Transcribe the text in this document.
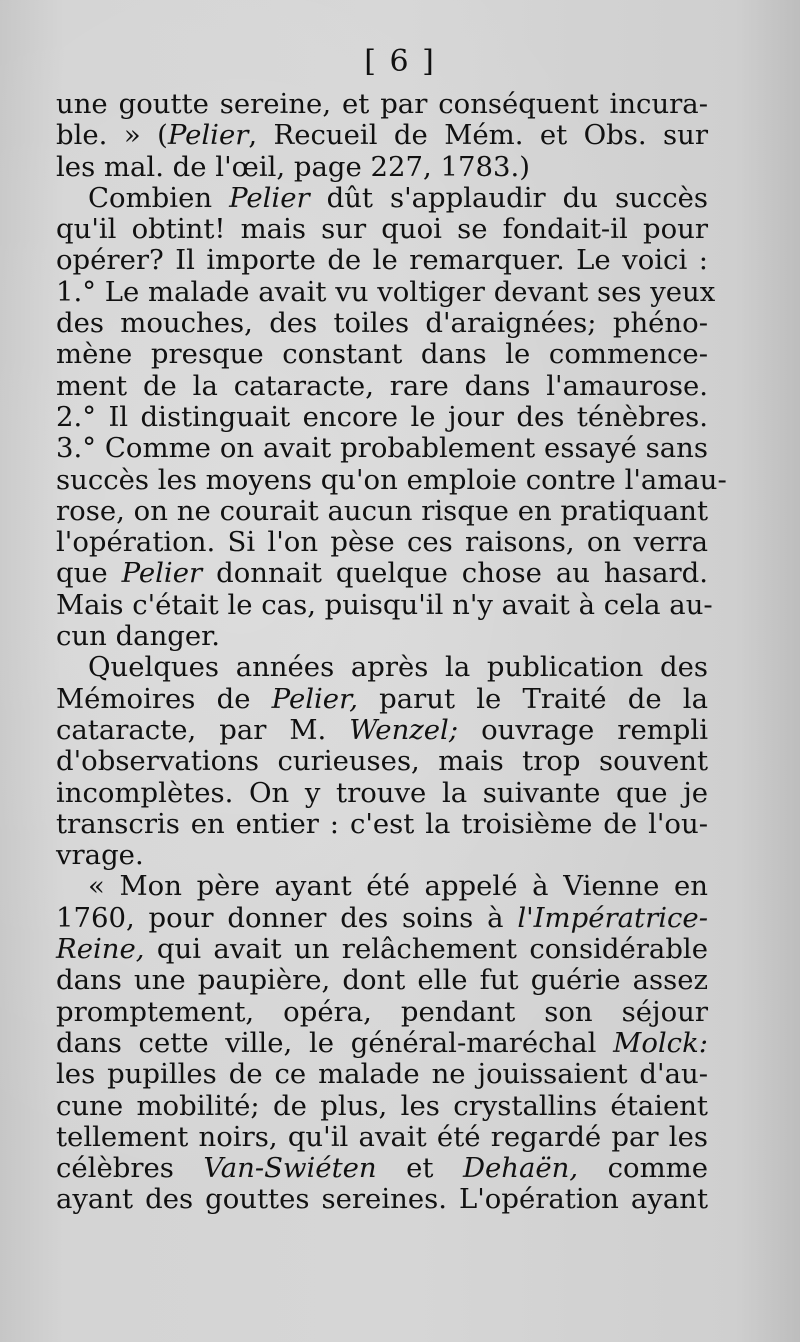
[ 6 ]
une goutte sereine, et par conséquent incura-
ble. » (Pelier, Recueil de Mém. et Obs. sur
les mal. de l'œil, page 227, 1783.)
Combien Pelier dût s'applaudir du succès
qu'il obtint! mais sur quoi se fondait-il pour
opérer? Il importe de le remarquer. Le voici :
1.° Le malade avait vu voltiger devant ses yeux
des mouches, des toiles d'araignées; phéno-
mène presque constant dans le commence-
ment de la cataracte, rare dans l'amaurose.
2.° Il distinguait encore le jour des ténèbres.
3.° Comme on avait probablement essayé sans
succès les moyens qu'on emploie contre l'amau-
rose, on ne courait aucun risque en pratiquant
l'opération. Si l'on pèse ces raisons, on verra
que Pelier donnait quelque chose au hasard.
Mais c'était le cas, puisqu'il n'y avait à cela au-
cun danger.
Quelques années après la publication des
Mémoires de Pelier, parut le Traité de la
cataracte, par M. Wenzel; ouvrage rempli
d'observations curieuses, mais trop souvent
incomplètes. On y trouve la suivante que je
transcris en entier : c'est la troisième de l'ou-
vrage.
« Mon père ayant été appelé à Vienne en
1760, pour donner des soins à l'Impératrice-
Reine, qui avait un relâchement considérable
dans une paupière, dont elle fut guérie assez
promptement, opéra, pendant son séjour
dans cette ville, le général-maréchal Molck:
les pupilles de ce malade ne jouissaient d'au-
cune mobilité; de plus, les crystallins étaient
tellement noirs, qu'il avait été regardé par les
célèbres Van-Swiéten et Dehaën, comme
ayant des gouttes sereines. L'opération ayant
